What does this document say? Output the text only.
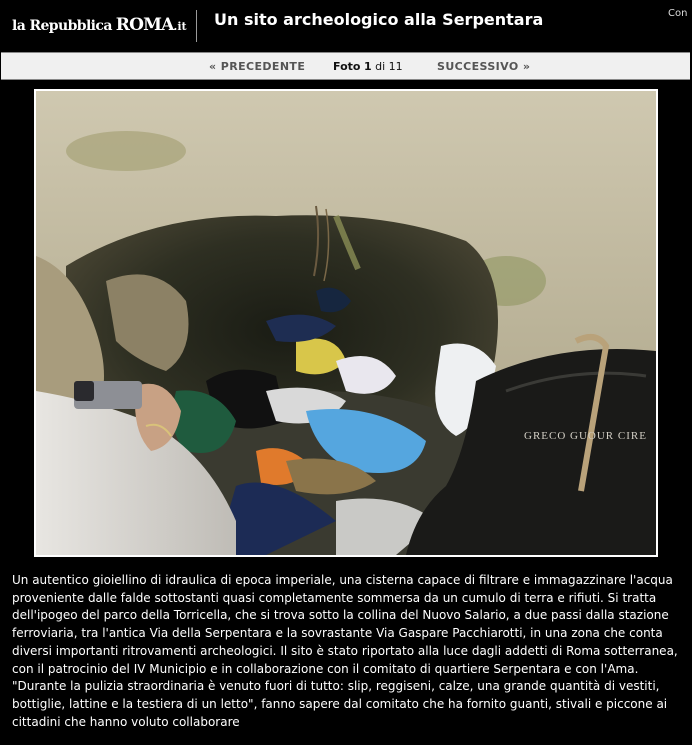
la Repubblica ROMA .it Un sito archeologico alla Serpentara	Con
« PRECEDENTE	Foto 1 di 11	SUCCESSIVO »
GRECO GUOUR CIRE
Un autentico gioiellino di idraulica di epoca imperiale, una cisterna capace di filtrare e immagazzinare l'acqua proveniente dalle falde sottostanti quasi completamente sommersa da un cumulo di terra e rifiuti. Si tratta dell'ipogeo del parco della Torricella, che si trova sotto la collina del Nuovo Salario, a due passi dalla stazione ferroviaria, tra l'antica Via della Serpentara e la sovrastante Via Gaspare Pacchiarotti, in una zona che conta diversi importanti ritrovamenti archeologici. Il sito è stato riportato alla luce dagli addetti di Roma sotterranea, con il patrocinio del IV Municipio e in collaborazione con il comitato di quartiere Serpentara e con l'Ama. "Durante la pulizia straordinaria è venuto fuori di tutto: slip, reggiseni, calze, una grande quantità di vestiti, bottiglie, lattine e la testiera di un letto", fanno sapere dal comitato che ha fornito guanti, stivali e piccone ai cittadini che hanno voluto collaborare
